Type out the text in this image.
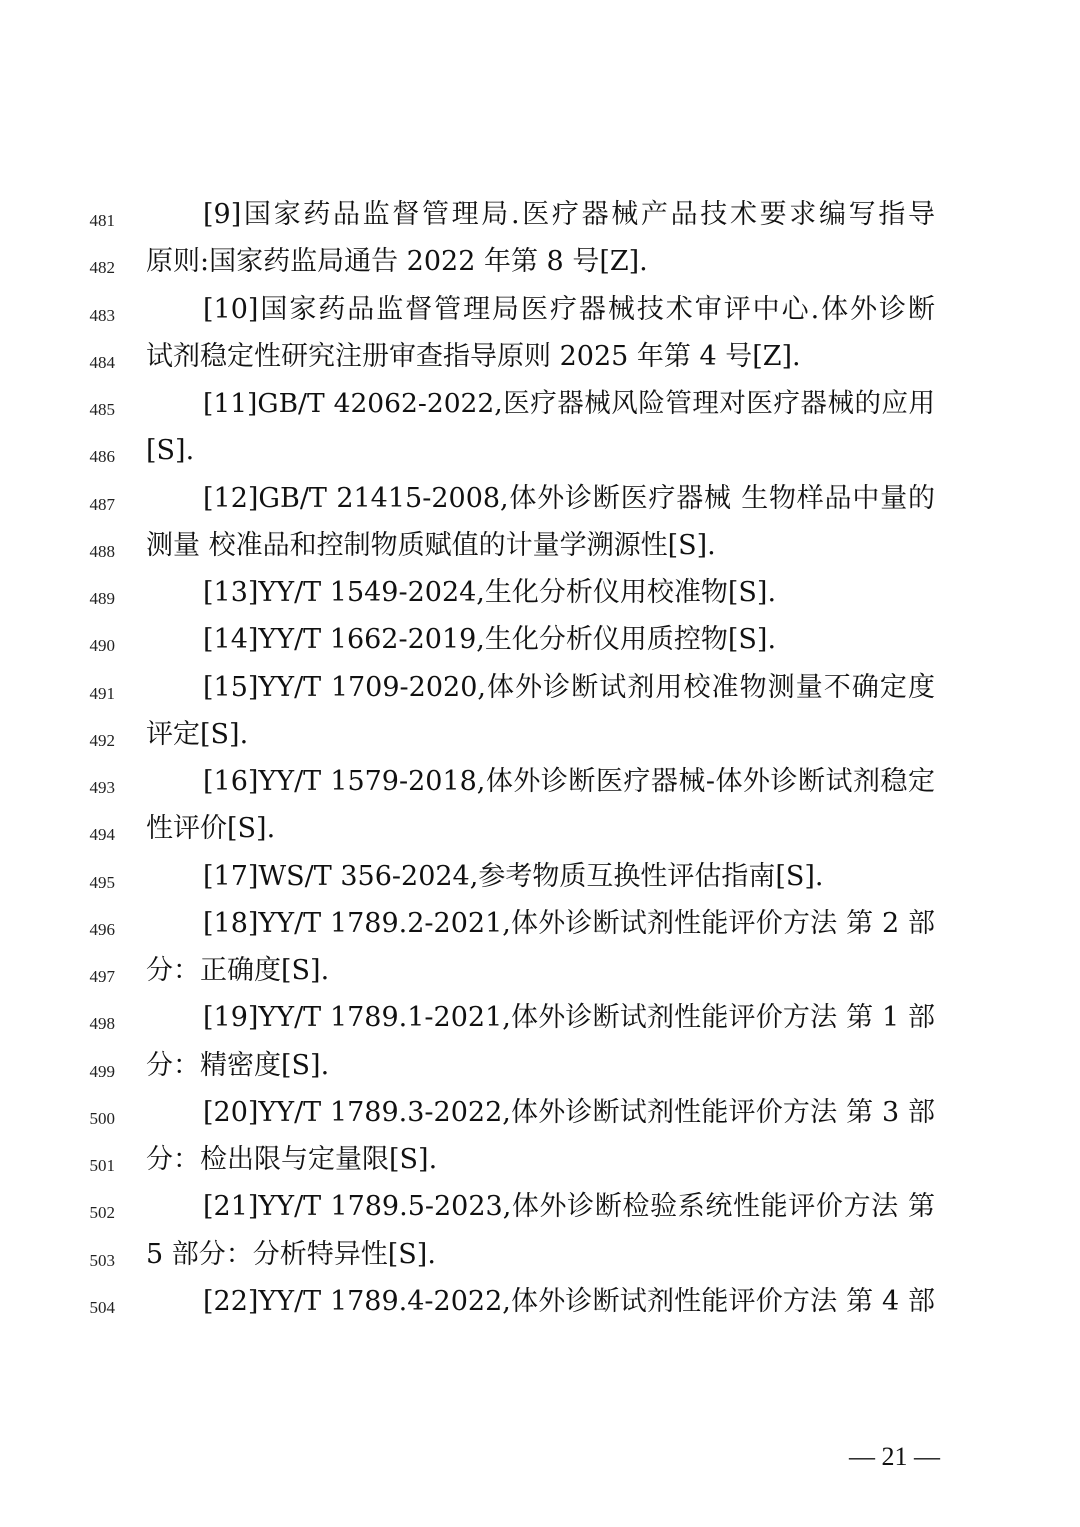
481	[9]国家药品监督管理局.医疗器械产品技术要求编写指导
482 原则:国家药监局通告 2022 年第 8 号[Z].
483	[10]国家药品监督管理局医疗器械技术审评中心.体外诊断
484 试剂稳定性研究注册审查指导原则 2025 年第 4 号[Z].
485	[11]GB/T 42062-2022,医疗器械风险管理对医疗器械的应用
486 [S].
487	[12]GB/T 21415-2008,体外诊断医疗器械 生物样品中量的
488 测量 校准品和控制物质赋值的计量学溯源性[S].
489	[13]YY/T 1549-2024,生化分析仪用校准物[S].
490	[14]YY/T 1662-2019,生化分析仪用质控物[S].
491	[15]YY/T 1709-2020,体外诊断试剂用校准物测量不确定度
492 评定[S].
493	[16]YY/T 1579-2018,体外诊断医疗器械-体外诊断试剂稳定
494 性评价[S].
495	[17]WS/T 356-2024,参考物质互换性评估指南[S].
496	[18]YY/T 1789.2-2021,体外诊断试剂性能评价方法 第 2 部
497 分：正确度[S].
498	[19]YY/T 1789.1-2021,体外诊断试剂性能评价方法 第 1 部
499 分：精密度[S].
500	[20]YY/T 1789.3-2022,体外诊断试剂性能评价方法 第 3 部
501 分：检出限与定量限[S].
502	[21]YY/T 1789.5-2023,体外诊断检验系统性能评价方法 第
503 5 部分：分析特异性[S].
504	[22]YY/T 1789.4-2022,体外诊断试剂性能评价方法 第 4 部
— 21 —
